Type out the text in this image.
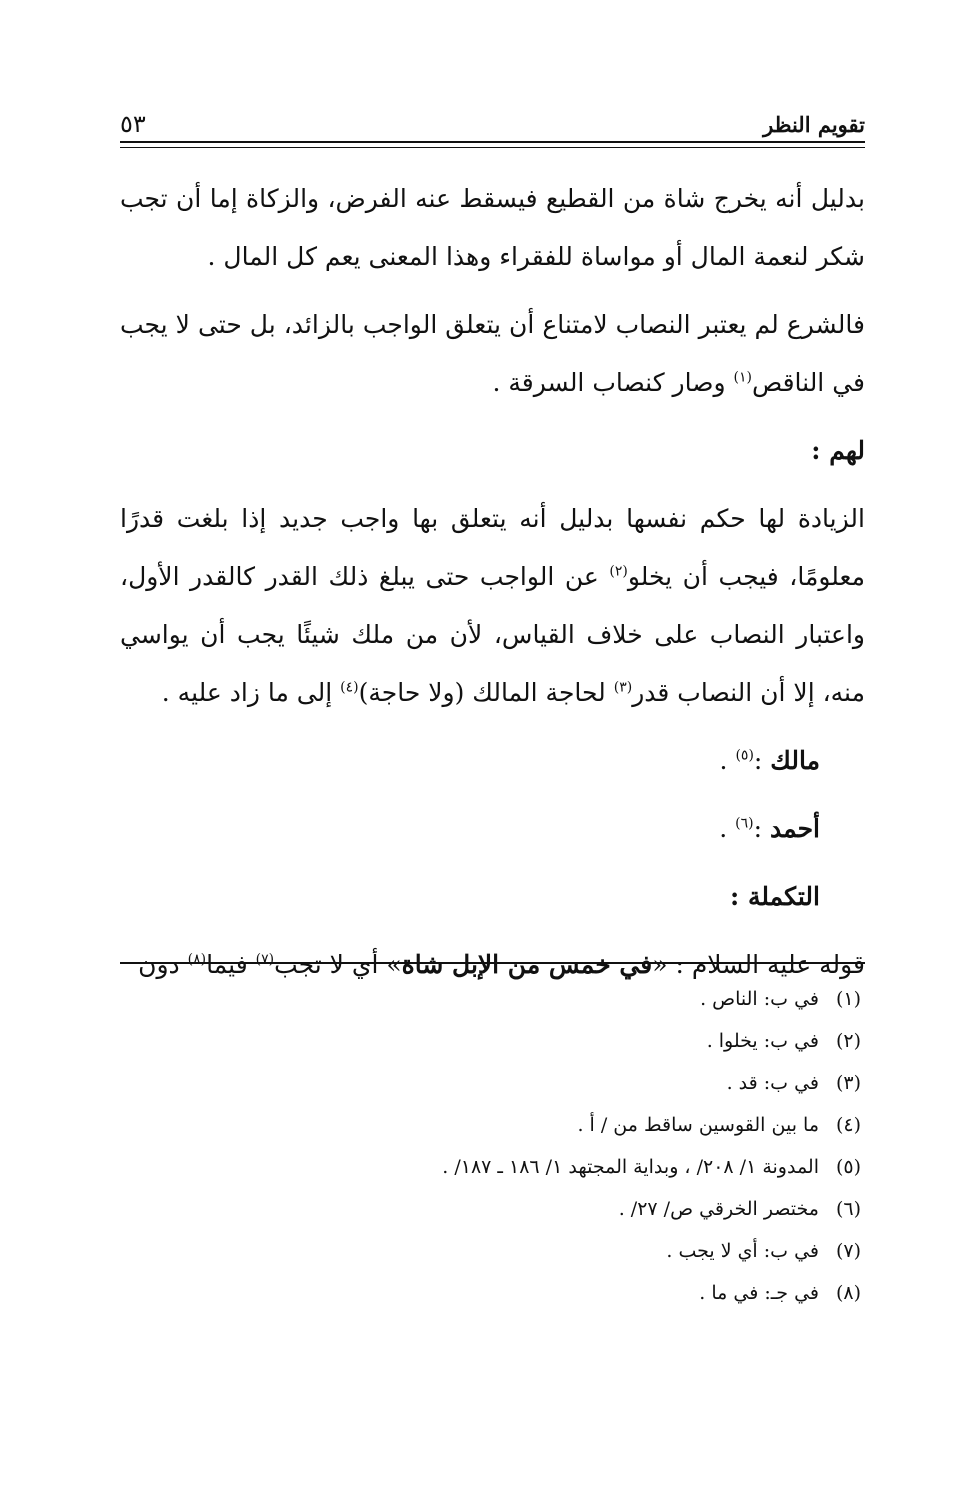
تقويم النظر
٥٣

بدليل أنه يخرج شاة من القطيع فيسقط عنه الفرض، والزكاة إما أن تجب شكر لنعمة المال أو مواساة للفقراء وهذا المعنى يعم كل المال .

فالشرع لم يعتبر النصاب لامتناع أن يتعلق الواجب بالزائد، بل حتى لا يجب في الناقص$^{(١)}$ وصار كنصاب السرقة .

لهم :

الزيادة لها حكم نفسها بدليل أنه يتعلق بها واجب جديد إذا بلغت قدرًا معلومًا، فيجب أن يخلو$^{(٢)}$ عن الواجب حتى يبلغ ذلك القدر كالقدر الأول، واعتبار النصاب على خلاف القياس، لأن من ملك شيئًا يجب أن يواسي منه، إلا أن النصاب قدر$^{(٣)}$ لحاجة المالك (ولا حاجة)$^{(٤)}$ إلى ما زاد عليه .

مالك :$^{(٥)}$ .

أحمد :$^{(٦)}$ .

التكملة :

قوله عليه السلام : «في خمس من الإبل شاة» أي لا تجب$^{(٧)}$ فيما$^{(٨)}$ دون

(١)في ب: الناص .
(٢)في ب: يخلوا .
(٣)في ب: قد .
(٤)ما بين القوسين ساقط من / أ .
(٥)المدونة ١/ ٢٠٨/ ، وبداية المجتهد ١/ ١٨٦ ـ ١٨٧/ .
(٦)مختصر الخرقي ص/ ٢٧/ .
(٧)في ب: أي لا يجب .
(٨)في جـ: في ما .
